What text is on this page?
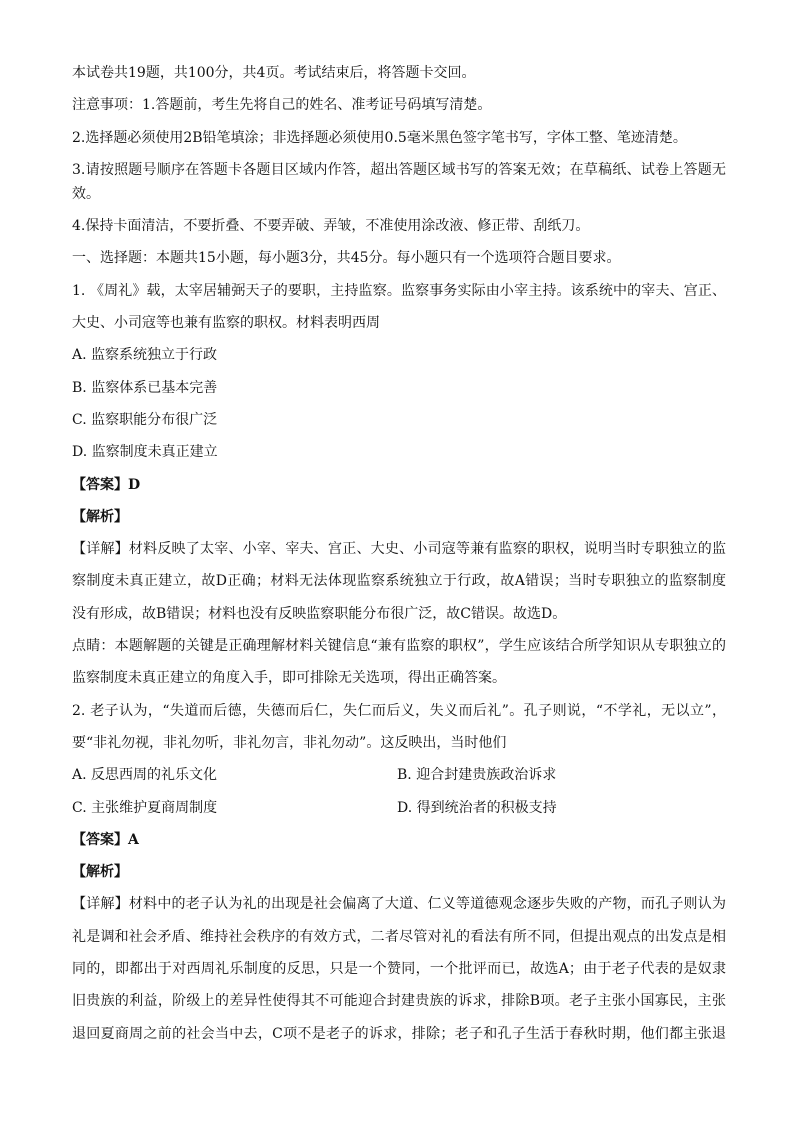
本试卷共19题，共100分，共4页。考试结束后，将答题卡交回。
注意事项：1.答题前，考生先将自己的姓名、准考证号码填写清楚。
2.选择题必须使用2B铅笔填涂；非选择题必须使用0.5毫米黑色签字笔书写，字体工整、笔迹清楚。
3.请按照题号顺序在答题卡各题目区域内作答，超出答题区域书写的答案无效；在草稿纸、试卷上答题无
效。
4.保持卡面清洁，不要折叠、不要弄破、弄皱，不准使用涂改液、修正带、刮纸刀。
一、选择题：本题共15小题，每小题3分，共45分。每小题只有一个选项符合题目要求。
1. 《周礼》载，太宰居辅弼天子的要职，主持监察。监察事务实际由小宰主持。该系统中的宰夫、宫正、
大史、小司寇等也兼有监察的职权。材料表明西周
A. 监察系统独立于行政
B. 监察体系已基本完善
C. 监察职能分布很广泛
D. 监察制度未真正建立
【答案】D
【解析】
【详解】材料反映了太宰、小宰、宰夫、宫正、大史、小司寇等兼有监察的职权，说明当时专职独立的监
察制度未真正建立，故D正确；材料无法体现监察系统独立于行政，故A错误；当时专职独立的监察制度
没有形成，故B错误；材料也没有反映监察职能分布很广泛，故C错误。故选D。
点睛：本题解题的关键是正确理解材料关键信息“兼有监察的职权”，学生应该结合所学知识从专职独立的
监察制度未真正建立的角度入手，即可排除无关选项，得出正确答案。
2. 老子认为，“失道而后德，失德而后仁，失仁而后义，失义而后礼”。孔子则说，“不学礼，无以立”，
要“非礼勿视，非礼勿听，非礼勿言，非礼勿动”。这反映出，当时他们
A. 反思西周的礼乐文化	B. 迎合封建贵族政治诉求
C. 主张维护夏商周制度	D. 得到统治者的积极支持
【答案】A
【解析】
【详解】材料中的老子认为礼的出现是社会偏离了大道、仁义等道德观念逐步失败的产物，而孔子则认为
礼是调和社会矛盾、维持社会秩序的有效方式，二者尽管对礼的看法有所不同，但提出观点的出发点是相
同的，即都出于对西周礼乐制度的反思，只是一个赞同，一个批评而已，故选A；由于老子代表的是奴隶
旧贵族的利益，阶级上的差异性使得其不可能迎合封建贵族的诉求，排除B项。老子主张小国寡民，主张
退回夏商周之前的社会当中去，C项不是老子的诉求，排除；老子和孔子生活于春秋时期，他们都主张退
